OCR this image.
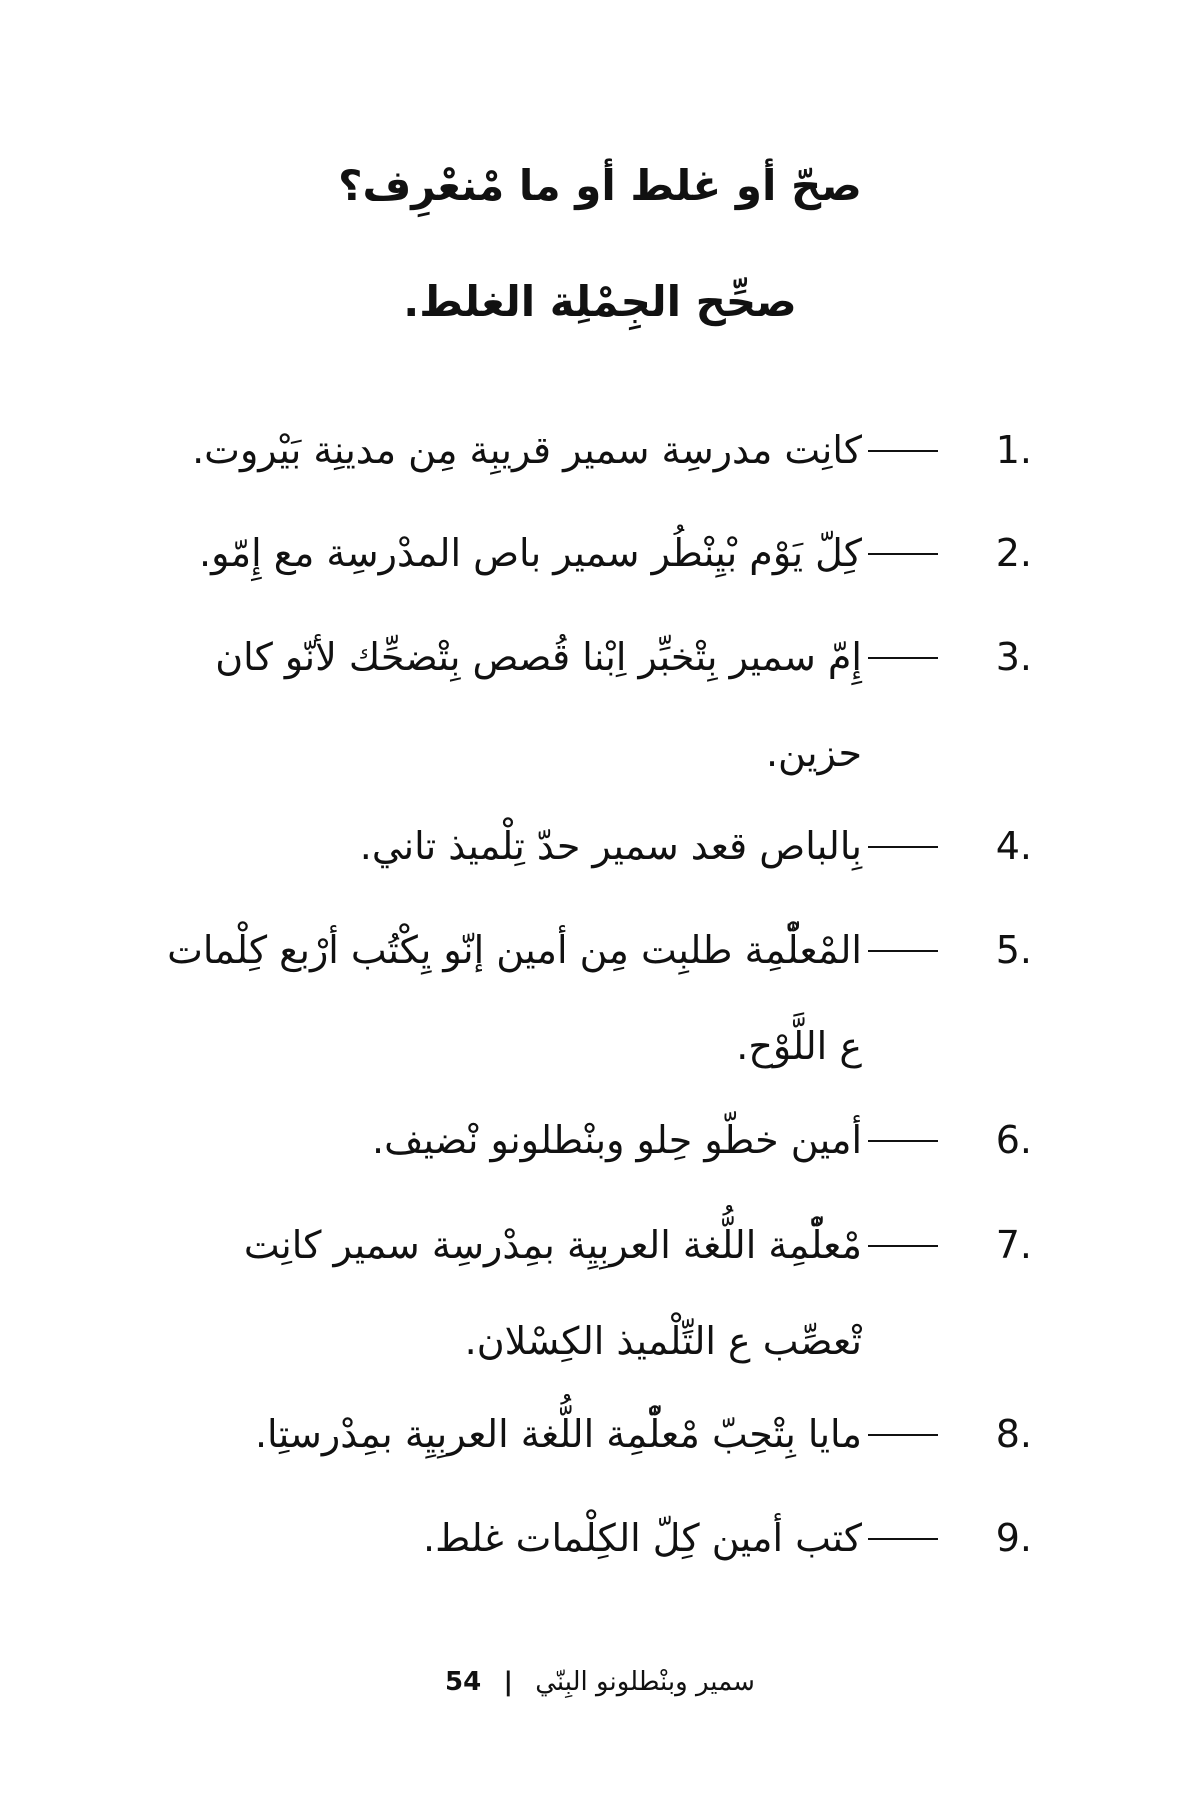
صحّ أو غلط أو ما مْنعْرِف؟
صحِّح الجِمْلِة الغلط.
1.
كانِت مدرسِة سمير قريبِة مِن مدينِة بَيْروت.
2.
كِلّ يَوْم بْيِنْطُر سمير باص المدْرسِة مع إِمّو.
3.
إِمّ سمير بِتْخبِّر اِبْنا قُصص بِتْضحِّك لأنّو كان حزين.
4.
بِالباص قعد سمير حدّ تِلْميذ تاني.
5.
المْعلّْمِة طلبِت مِن أمين إنّو يِكْتُب أرْبع كِلْمات ع اللَّوْح.
6.
أمين خطّو حِلو وبنْطلونو نْضيف.
7.
مْعلّْمِة اللُّغة العربِيِة بمِدْرسِة سمير كانِت تْعصِّب ع التِّلْميذ الكِسْلان.
8.
مايا بِتْحِبّ مْعلّْمِة اللُّغة العربِيِة بمِدْرستِا.
9.
كتب أمين كِلّ الكِلْمات غلط.
سمير وبنْطلونو البِنّي | 54
